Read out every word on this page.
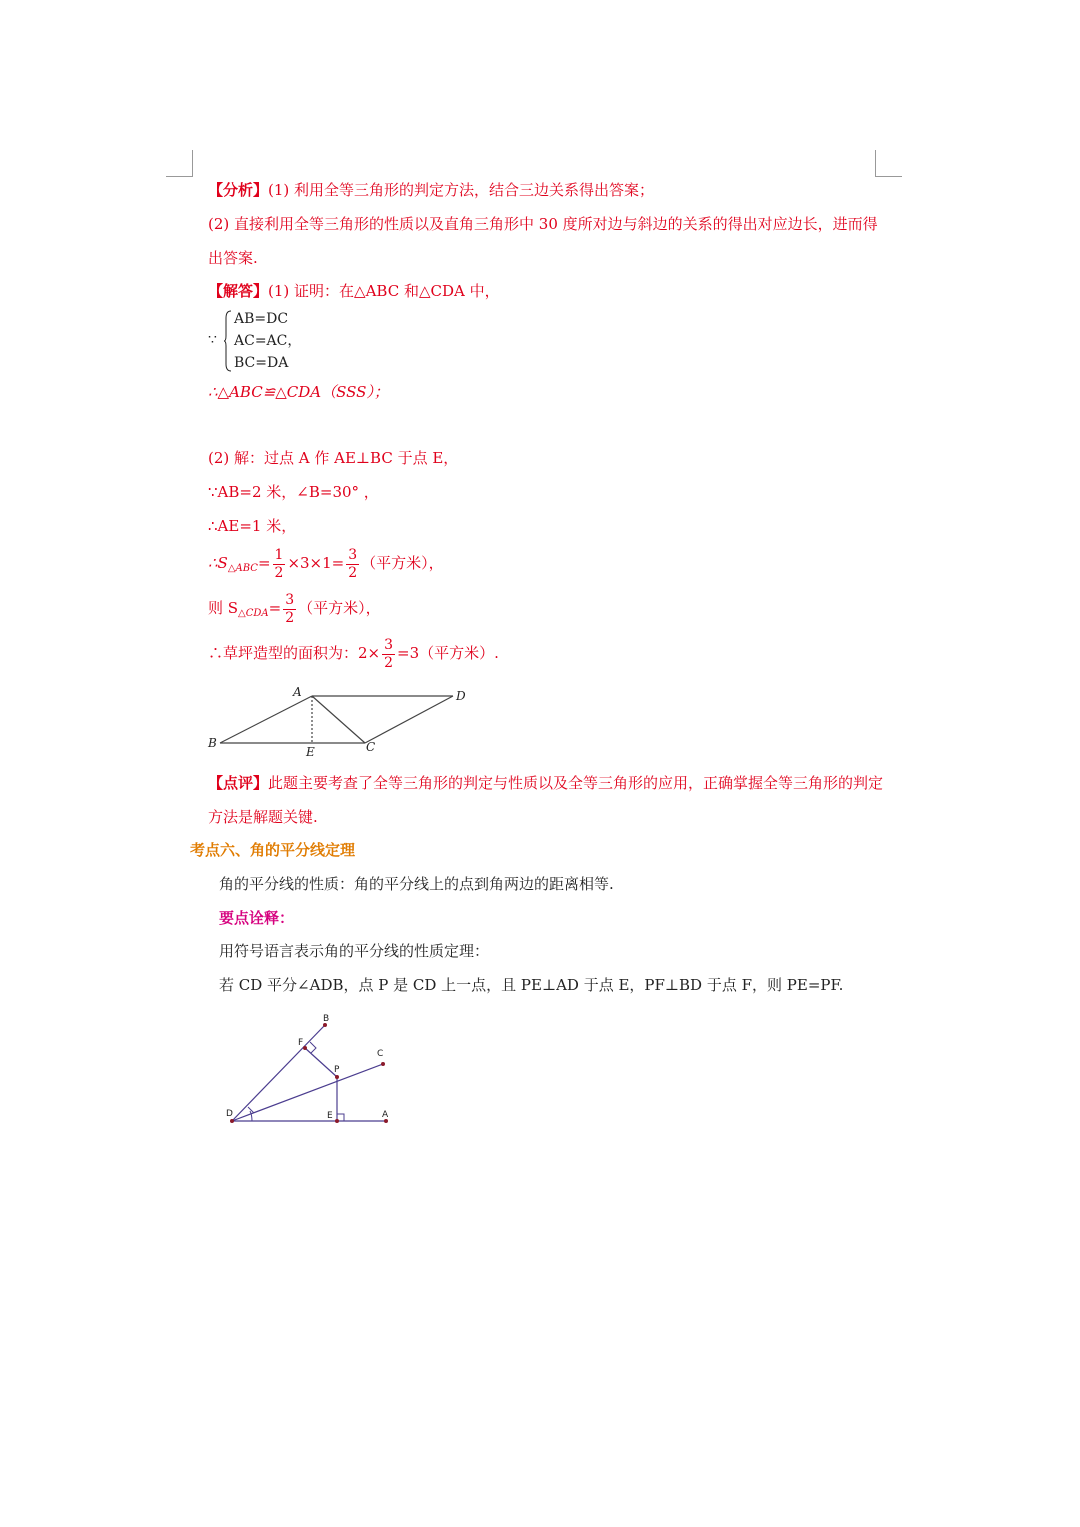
【分析】(1) 利用全等三角形的判定方法，结合三边关系得出答案；
(2) 直接利用全等三角形的性质以及直角三角形中 30 度所对边与斜边的关系的得出对应边长，进而得
出答案.
【解答】(1) 证明：在△ABC 和△CDA 中，
∵
AB=DC
AC=AC，
BC=DA
∴△ABC≌△CDA（SSS）；
(2) 解：过点 A 作 AE⊥BC 于点 E，
∵AB=2 米，∠B=30° ，
∴AE=1 米，
$\therefore S_{\triangle ABC}= \frac{1}{2} \times 3\times 1= \frac{3}{2}$ （平方米），
则 $S_{\triangle CDA}= \frac{3}{2}$ （平方米），
∴草坪造型的面积为：$2\times \frac{3}{2} =3$（平方米）.
A
B	C
D
E
【点评】此题主要考查了全等三角形的判定与性质以及全等三角形的应用，正确掌握全等三角形的判定
方法是解题关键.
考点六、角的平分线定理
角的平分线的性质：角的平分线上的点到角两边的距离相等.
要点诠释：
用符号语言表示角的平分线的性质定理：
若 CD 平分∠ADB，点 P 是 CD 上一点，且 PE⊥AD 于点 E，PF⊥BD 于点 F，则 PE=PF.
D	A
B
C
P
E
F
